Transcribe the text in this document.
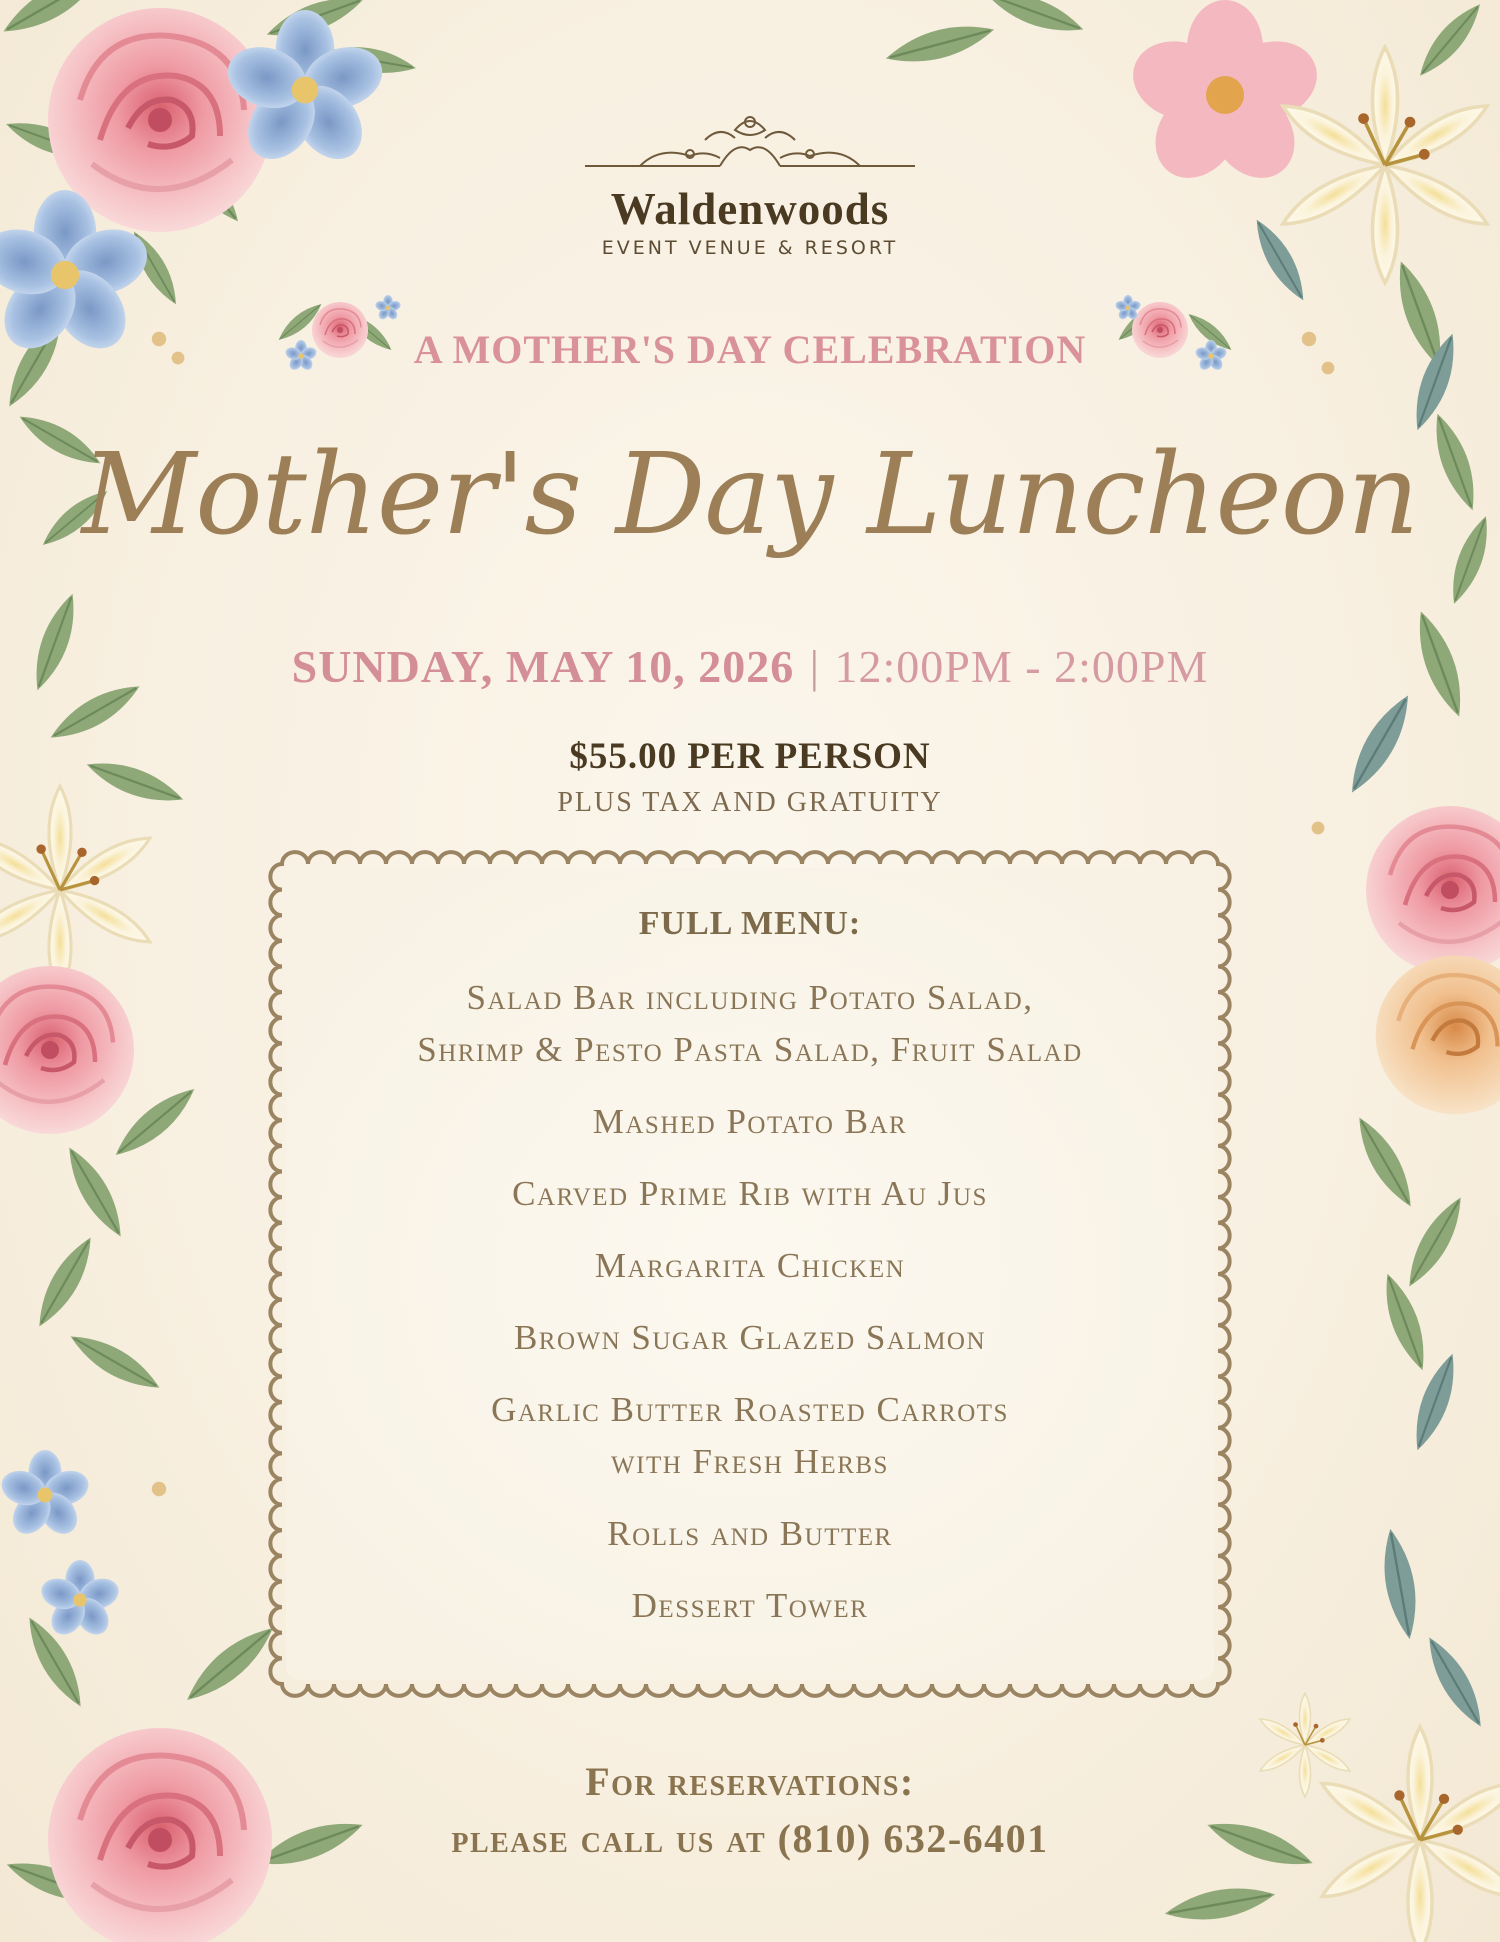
Waldenwoods
EVENT VENUE & RESORT
A MOTHER'S DAY CELEBRATION
Mother's Day Luncheon
SUNDAY, MAY 10, 2026 | 12:00PM - 2:00PM
$55.00 PER PERSON
PLUS TAX AND GRATUITY
FULL MENU:
Salad Bar including Potato Salad,
Shrimp & Pesto Pasta Salad, Fruit Salad
Mashed Potato Bar
Carved Prime Rib with Au Jus
Margarita Chicken
Brown Sugar Glazed Salmon
Garlic Butter Roasted Carrots
with Fresh Herbs
Rolls and Butter
Dessert Tower
For reservations:
please call us at (810) 632-6401
